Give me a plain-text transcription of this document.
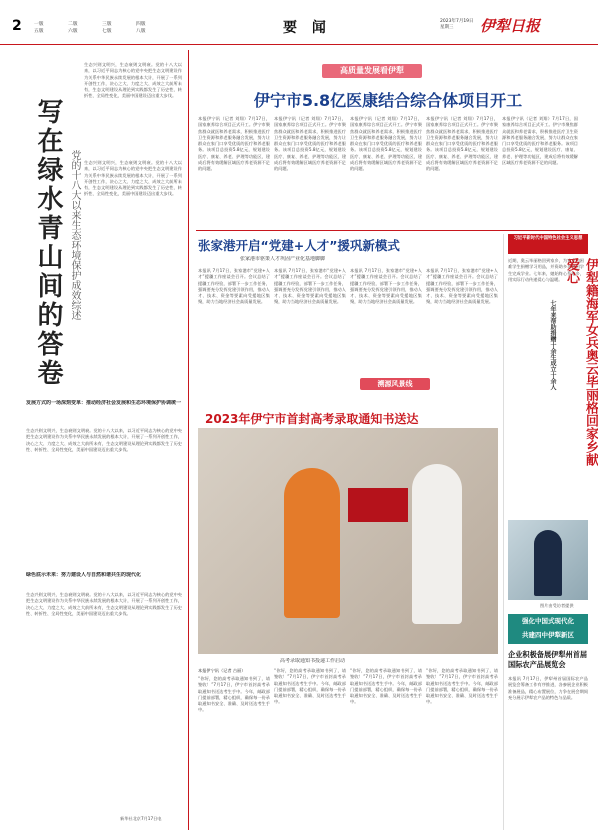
2	一版	二版	三版	四版
五版	六版	七版	八版	要 闻	2023年7月19日
星期三	伊犁日报
写在绿水青山间的答卷 党的十八大以来生态环境保护成效综述
生态兴则文明兴，生态衰则文明衰。党的十八大以来，以习近平同志为核心的党中央把生态文明建设作为关系中华民族永续发展的根本大计，开展了一系列开创性工作，决心之大、力度之大、成效之大前所未有，生态文明建设从理论到实践都发生了历史性、转折性、全局性变化，美丽中国建设迈出重大步伐。
生态兴则文明兴，生态衰则文明衰。党的十八大以来，以习近平同志为核心的党中央把生态文明建设作为关系中华民族永续发展的根本大计，开展了一系列开创性工作，决心之大、力度之大、成效之大前所未有，生态文明建设从理论到实践都发生了历史性、转折性、全局性变化，美丽中国建设迈出重大步伐。
发展方式的一场深刻变革：推动经济社会发展和生态环境保护协调统一
生态兴则文明兴，生态衰则文明衰。党的十八大以来，以习近平同志为核心的党中央把生态文明建设作为关系中华民族永续发展的根本大计，开展了一系列开创性工作，决心之大、力度之大、成效之大前所未有，生态文明建设从理论到实践都发生了历史性、转折性、全局性变化，美丽中国建设迈出重大步伐。
绿色底示未来：努力建设人与自然和谐共生的现代化
生态兴则文明兴，生态衰则文明衰。党的十八大以来，以习近平同志为核心的党中央把生态文明建设作为关系中华民族永续发展的根本大计，开展了一系列开创性工作，决心之大、力度之大、成效之大前所未有，生态文明建设从理论到实践都发生了历史性、转折性、全局性变化，美丽中国建设迈出重大步伐。
新华社北京7月17日电
高质量发展看伊犁
伊宁市5.8亿医康结合综合体项目开工
本报伊宁讯（记者 刘翔）7月17日，国家康养综合项目正式开工。伊宁市聚焦群众就医和养老需求，积极推进医疗卫生资源和养老服务融合发展，努力让群众在家门口享受优质的医疗和养老服务。该项目总投资5.8亿元，规划建设医疗、康复、养老、护理等功能区，建成后将有效缓解区域医疗养老资源不足的问题。
本报伊宁讯（记者 刘翔）7月17日，国家康养综合项目正式开工。伊宁市聚焦群众就医和养老需求，积极推进医疗卫生资源和养老服务融合发展，努力让群众在家门口享受优质的医疗和养老服务。该项目总投资5.8亿元，规划建设医疗、康复、养老、护理等功能区，建成后将有效缓解区域医疗养老资源不足的问题。
本报伊宁讯（记者 刘翔）7月17日，国家康养综合项目正式开工。伊宁市聚焦群众就医和养老需求，积极推进医疗卫生资源和养老服务融合发展，努力让群众在家门口享受优质的医疗和养老服务。该项目总投资5.8亿元，规划建设医疗、康复、养老、护理等功能区，建成后将有效缓解区域医疗养老资源不足的问题。
本报伊宁讯（记者 刘翔）7月17日，国家康养综合项目正式开工。伊宁市聚焦群众就医和养老需求，积极推进医疗卫生资源和养老服务融合发展，努力让群众在家门口享受优质的医疗和养老服务。该项目总投资5.8亿元，规划建设医疗、康复、养老、护理等功能区，建成后将有效缓解区域医疗养老资源不足的问题。
本报伊宁讯（记者 刘翔）7月17日，国家康养综合项目正式开工。伊宁市聚焦群众就医和养老需求，积极推进医疗卫生资源和养老服务融合发展，努力让群众在家门口享受优质的医疗和养老服务。该项目总投资5.8亿元，规划建设医疗、康复、养老、护理等功能区，建成后将有效缓解区域医疗养老资源不足的问题。
张家港开启“党建+人才”援巩新模式
张家港市驱策人才巩固产业化基地脚脚
本报讯 7月17日，张家港市“党建+人才”援疆工作座谈会召开。会议总结了援疆工作经验，部署下一步工作任务，强调要充分发挥党建引领作用，推动人才、技术、资金等要素向受援地区集聚，助力当地经济社会高质量发展。
本报讯 7月17日，张家港市“党建+人才”援疆工作座谈会召开。会议总结了援疆工作经验，部署下一步工作任务，强调要充分发挥党建引领作用，推动人才、技术、资金等要素向受援地区集聚，助力当地经济社会高质量发展。
本报讯 7月17日，张家港市“党建+人才”援疆工作座谈会召开。会议总结了援疆工作经验，部署下一步工作任务，强调要充分发挥党建引领作用，推动人才、技术、资金等要素向受援地区集聚，助力当地经济社会高质量发展。
本报讯 7月17日，张家港市“党建+人才”援疆工作座谈会召开。会议总结了援疆工作经验，部署下一步工作任务，强调要充分发挥党建引领作用，推动人才、技术、资金等要素向受援地区集聚，助力当地经济社会高质量发展。
溯源风景线
2023年伊宁市首封高考录取通知书送达
高考录取通知书投递工作启动
本报伊宁讯（记者 古丽）
“你好，您的高考录取通知书到了，请签收！”7月17日，伊宁市首封高考录取通知书送达考生手中。今年，邮政部门提前部署，精心组织，确保每一份录取通知书安全、准确、及时送达考生手中。
“你好，您的高考录取通知书到了，请签收！”7月17日，伊宁市首封高考录取通知书送达考生手中。今年，邮政部门提前部署，精心组织，确保每一份录取通知书安全、准确、及时送达考生手中。
“你好，您的高考录取通知书到了，请签收！”7月17日，伊宁市首封高考录取通知书送达考生手中。今年，邮政部门提前部署，精心组织，确保每一份录取通知书安全、准确、及时送达考生手中。
“你好，您的高考录取通知书到了，请签收！”7月17日，伊宁市首封高考录取通知书送达考生手中。今年，邮政部门提前部署，精心组织，确保每一份录取通知书安全、准确、及时送达考生手中。
习近平新时代中国特色社会主义思想
近期，奥云毕丽格回到家乡，为家乡的困难学生捐赠学习用品，并资助多名贫困学生完成学业。七年来，她始终心系家乡，用实际行动传递爱心与温暖。	伊犁籍海军女兵奥云毕丽格回家乡献爱心
七年来帮助捐赠十余生成立十余人
图片由受访者提供
强化中国式现代化
共建四中伊犁新区
企业积极备展伊犁州首届国际农产品展览会
本报讯 7月17日，伊犁州首届国际农产品展览会筹备工作有序推进，各参展企业积极准备展品，精心布置展位，力争在展会期间充分展示伊犁农产品的特色与品质。
